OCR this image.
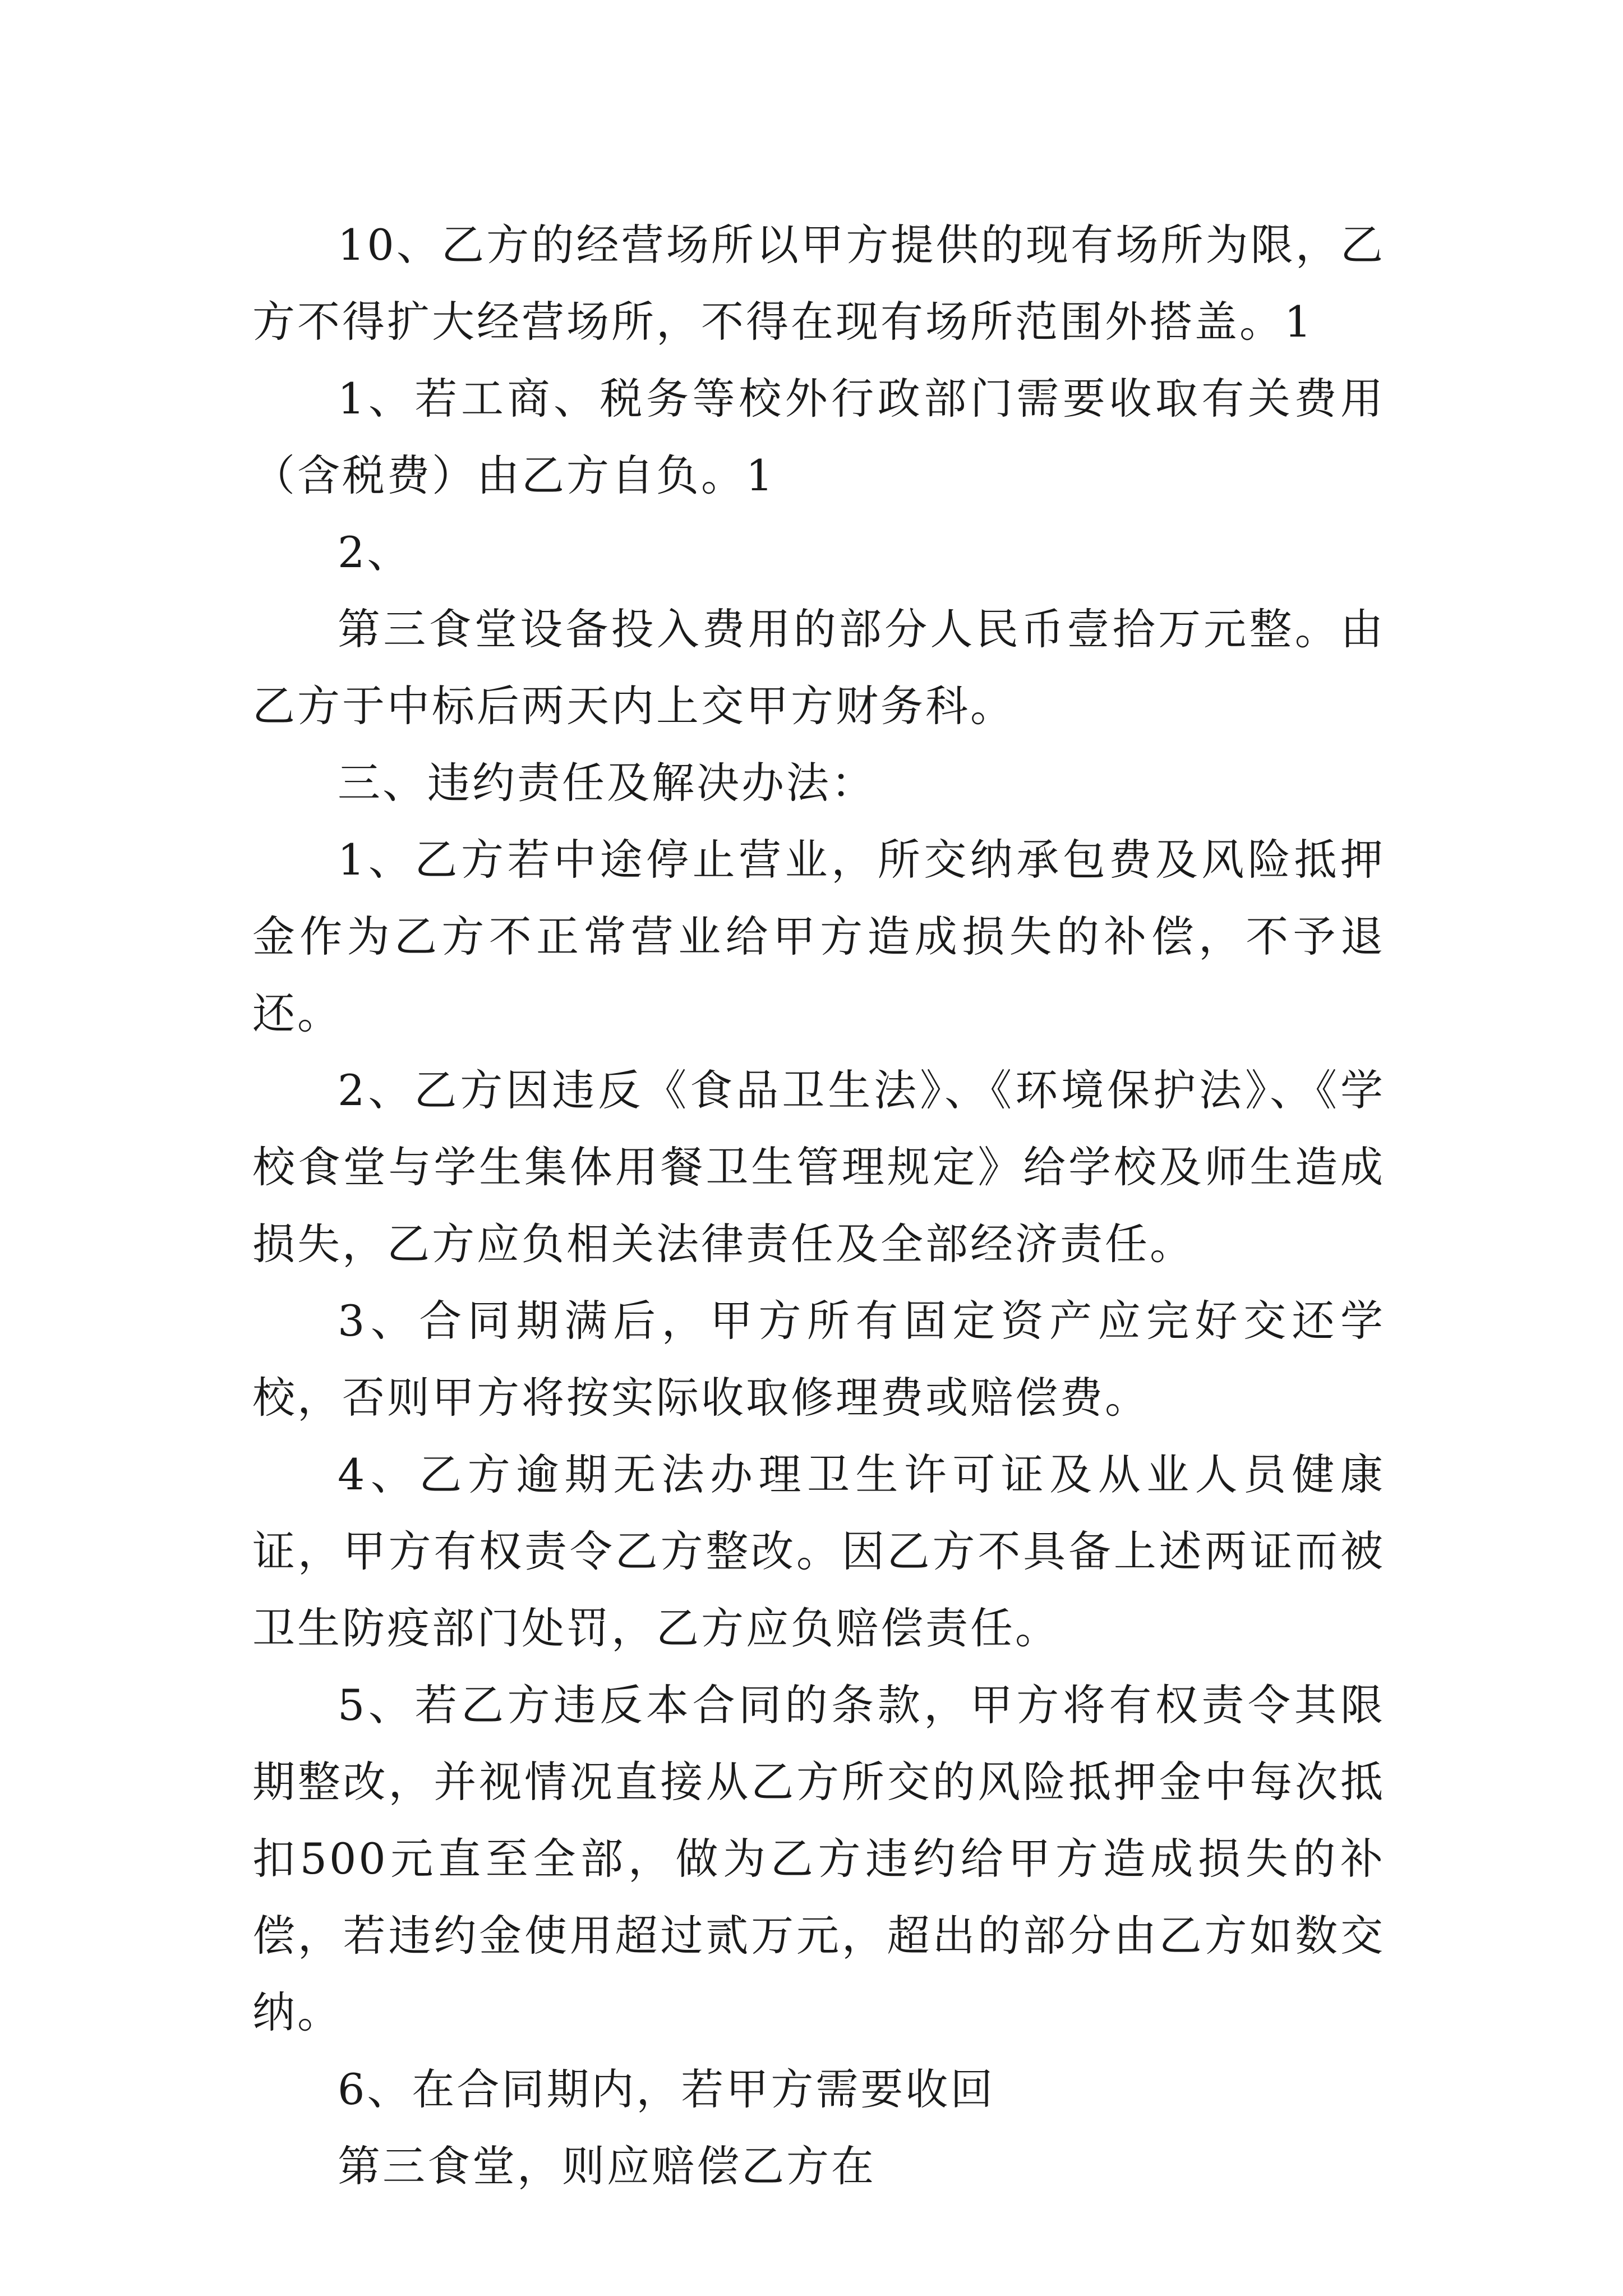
10、乙方的经营场所以甲方提供的现有场所为限，乙方不得扩大经营场所，不得在现有场所范围外搭盖。1

1、若工商、税务等校外行政部门需要收取有关费用（含税费）由乙方自负。1

2、

第三食堂设备投入费用的部分人民币壹拾万元整。由乙方于中标后两天内上交甲方财务科。

三、违约责任及解决办法：

1、乙方若中途停止营业，所交纳承包费及风险抵押金作为乙方不正常营业给甲方造成损失的补偿，不予退还。

2、乙方因违反《食品卫生法》、《环境保护法》、《学校食堂与学生集体用餐卫生管理规定》给学校及师生造成损失，乙方应负相关法律责任及全部经济责任。

3、合同期满后，甲方所有固定资产应完好交还学校，否则甲方将按实际收取修理费或赔偿费。

4、乙方逾期无法办理卫生许可证及从业人员健康证，甲方有权责令乙方整改。因乙方不具备上述两证而被卫生防疫部门处罚，乙方应负赔偿责任。

5、若乙方违反本合同的条款，甲方将有权责令其限期整改，并视情况直接从乙方所交的风险抵押金中每次抵扣500元直至全部，做为乙方违约给甲方造成损失的补偿，若违约金使用超过贰万元，超出的部分由乙方如数交纳。

6、在合同期内，若甲方需要收回

第三食堂，则应赔偿乙方在
